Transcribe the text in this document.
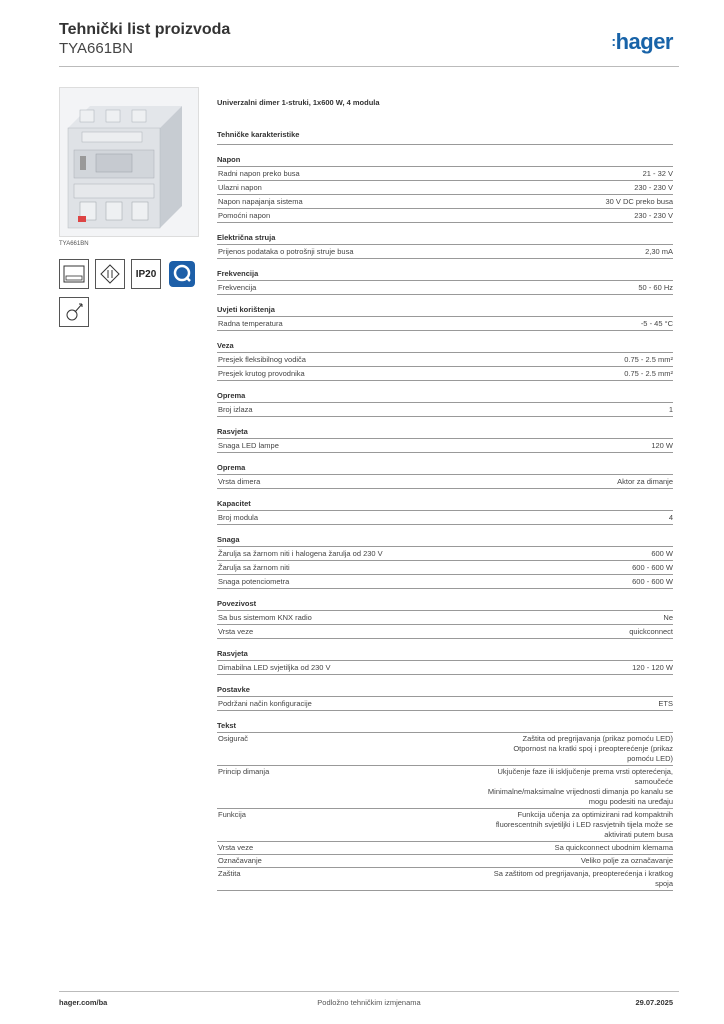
Tehnički list proizvoda
TYA661BN	:hager
TYA661BN
IP20
Univerzalni dimer 1-struki, 1x600 W, 4 modula
Tehničke karakteristike
Napon
Radni napon preko busa	21 - 32 V
Ulazni napon	230 - 230 V
Napon napajanja sistema	30 V DC preko busa
Pomoćni napon	230 - 230 V
Električna struja
Prijenos podataka o potrošnji struje busa	2,30 mA
Frekvencija
Frekvencija	50 - 60 Hz
Uvjeti korištenja
Radna temperatura	-5 - 45 °C
Veza
Presjek fleksibilnog vodiča	0.75 - 2.5 mm²
Presjek krutog provodnika	0.75 - 2.5 mm²
Oprema
Broj izlaza	1
Rasvjeta
Snaga LED lampe	120 W
Oprema
Vrsta dimera	Aktor za dimanje
Kapacitet
Broj modula	4
Snaga
Žarulja sa žarnom niti i halogena žarulja od 230 V	600 W
Žarulja sa žarnom niti	600 - 600 W
Snaga potenciometra	600 - 600 W
Povezivost
Sa bus sistemom KNX radio	Ne
Vrsta veze	quickconnect
Rasvjeta
Dimabilna LED svjetiljka od 230 V	120 - 120 W
Postavke
Podržani način konfiguracije	ETS
Tekst
Osigurač	Zaštita od pregrijavanja (prikaz pomoću LED)
Otpornost na kratki spoj i preopterećenje (prikaz
pomoću LED)
Princip dimanja	Ukjučenje faze ili isključenje prema vrsti opterećenja,
samoučeće
Minimalne/maksimalne vrijednosti dimanja po kanalu se
mogu podesiti na uređaju
Funkcija	Funkcija učenja za optimizirani rad kompaktnih
fluorescentnih svjetiljki i LED rasvjetnih tijela može se
aktivirati putem busa
Vrsta veze	Sa quickconnect ubodnim klemama
Označavanje	Veliko polje za označavanje
Zaštita	Sa zaštitom od pregrijavanja, preopterećenja i kratkog
spoja
hager.com/ba	Podložno tehničkim izmjenama	29.07.2025
